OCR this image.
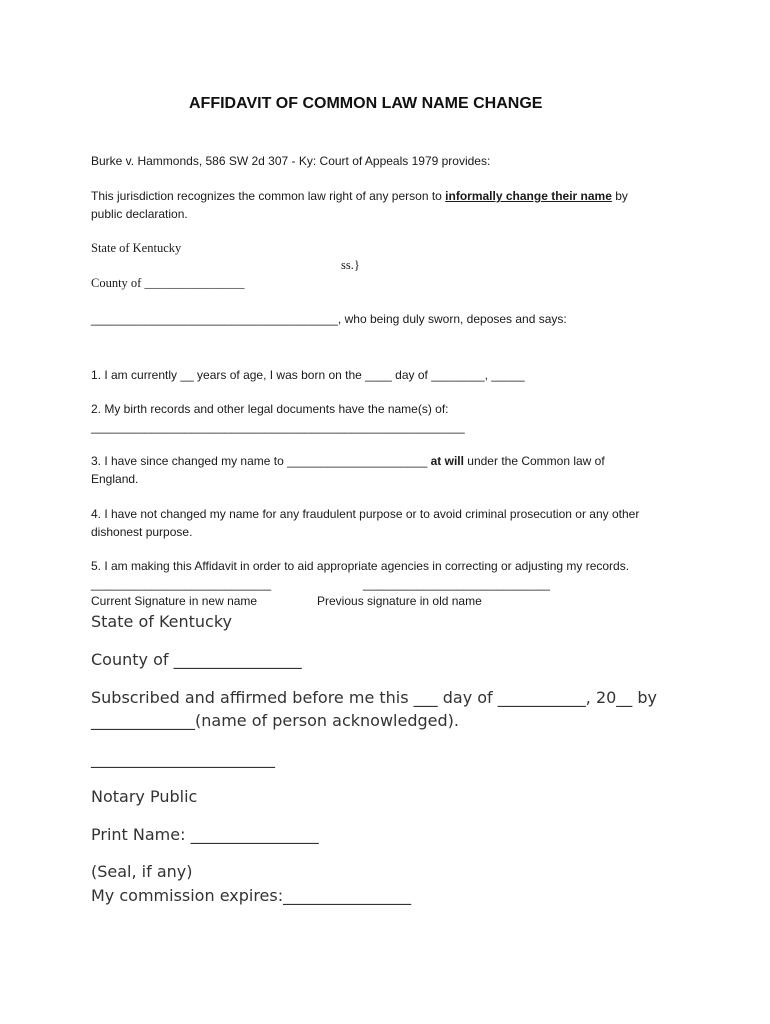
AFFIDAVIT OF COMMON LAW NAME CHANGE
Burke v. Hammonds, 586 SW 2d 307 - Ky: Court of Appeals 1979 provides:
This jurisdiction recognizes the common law right of any person to informally change their name by
public declaration.
State of Kentucky
ss.}
County of ________________
_____________________________________, who being duly sworn, deposes and says:
1. I am currently __ years of age, I was born on the ____ day of ________, _____
2. My birth records and other legal documents have the name(s) of:
________________________________________________________
3. I have since changed my name to _____________________ at will under the Common law of
England.
4. I have not changed my name for any fraudulent purpose or to avoid criminal prosecution or any other
dishonest purpose.
5. I am making this Affidavit in order to aid appropriate agencies in correcting or adjusting my records.
___________________________	____________________________
Current Signature in new name	Previous signature in old name
State of Kentucky
County of ________________
Subscribed and affirmed before me this ___ day of ___________, 20__ by
_____________(name of person acknowledged).
_______________________
Notary Public
Print Name: ________________
(Seal, if any)
My commission expires:________________
